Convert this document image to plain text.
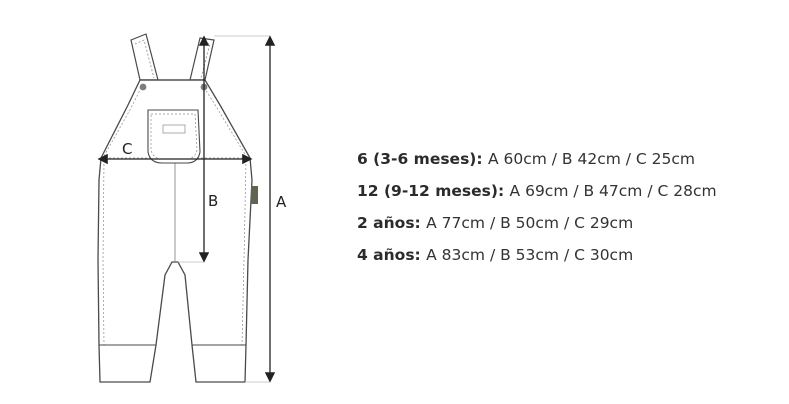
A
B
C
6 (3-6 meses): A 60cm / B 42cm / C 25cm
12 (9-12 meses): A 69cm / B 47cm / C 28cm
2 años: A 77cm / B 50cm / C 29cm
4 años: A 83cm / B 53cm / C 30cm
